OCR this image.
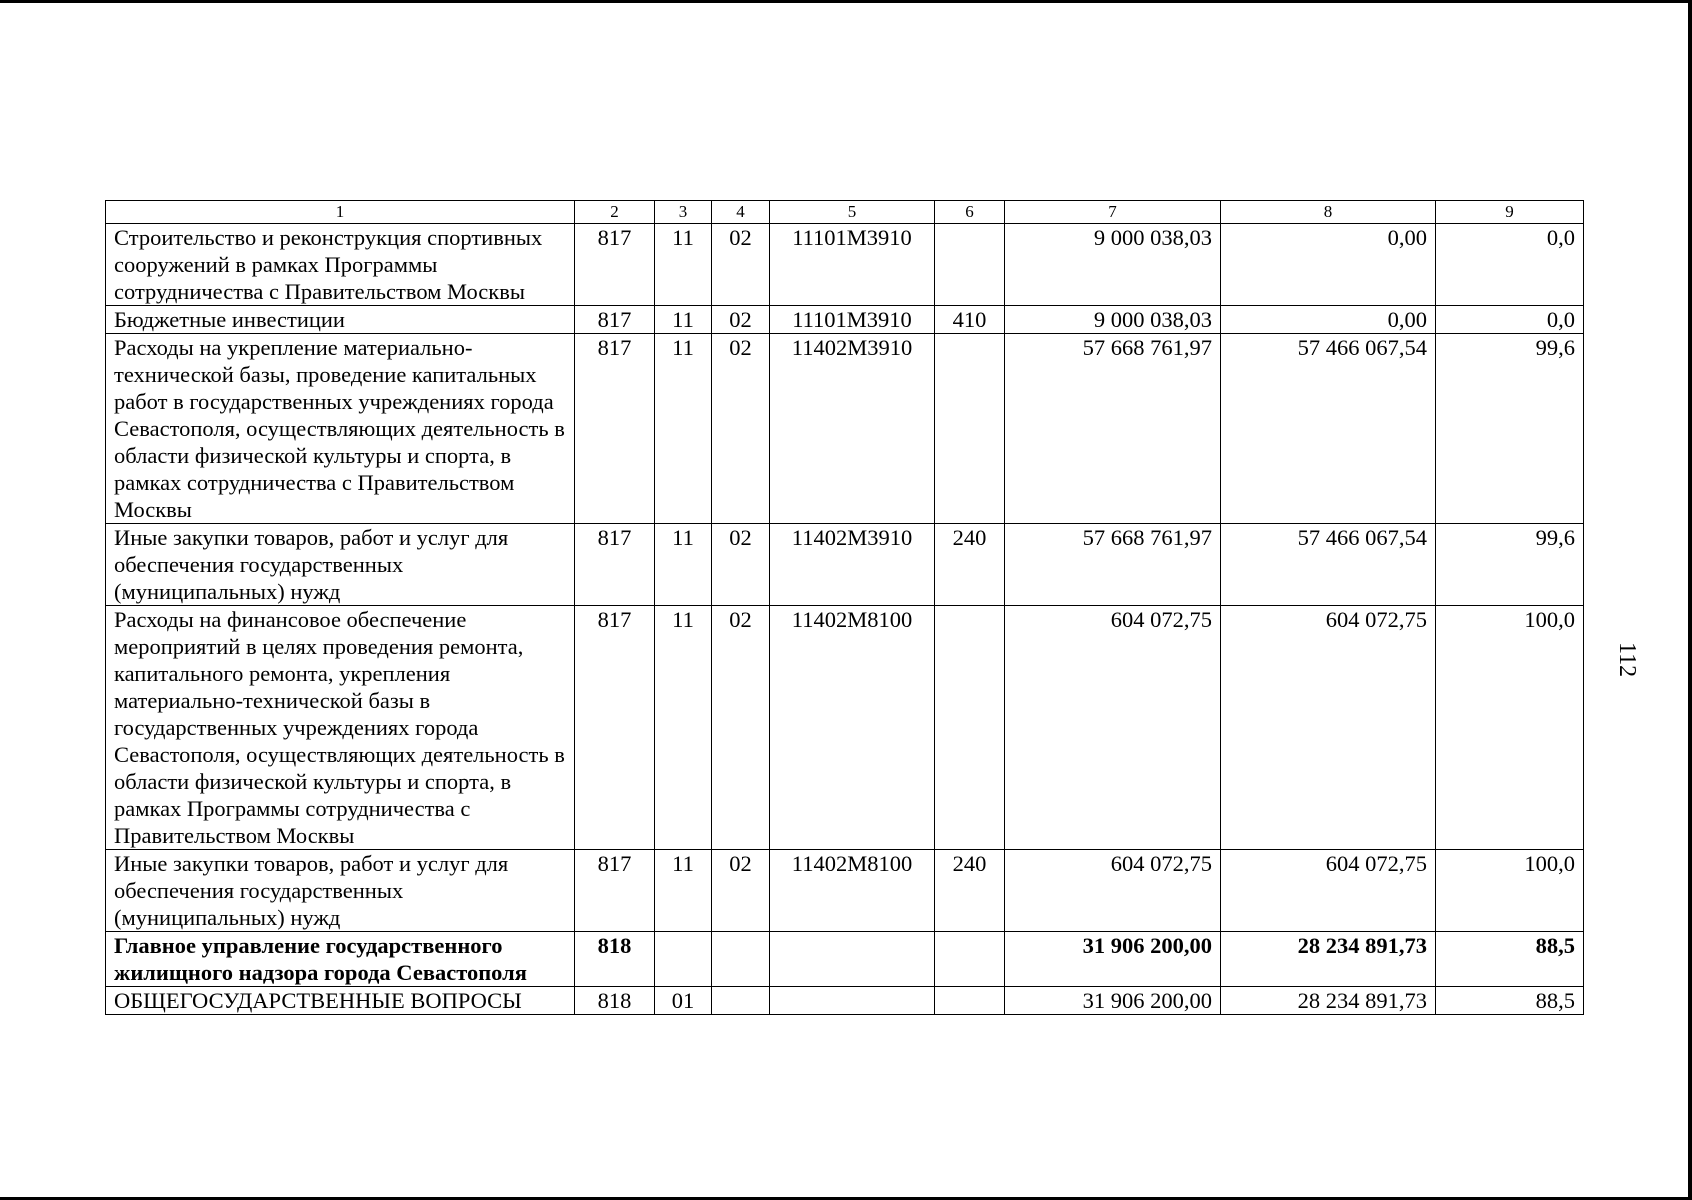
1	2	3	4	5	6	7	8	9
Строительство и реконструкция спортивных сооружений в рамках Программы сотрудничества с Правительством Москвы	817	11	02	11101М3910		9 000 038,03	0,00	0,0
Бюджетные инвестиции	817	11	02	11101М3910	410	9 000 038,03	0,00	0,0
Расходы на укрепление материально-технической базы, проведение капитальных работ в государственных учреждениях города Севастополя, осуществляющих деятельность в области физической культуры и спорта, в рамках сотрудничества с Правительством Москвы	817	11	02	11402М3910		57 668 761,97	57 466 067,54	99,6
Иные закупки товаров, работ и услуг для обеспечения государственных (муниципальных) нужд	817	11	02	11402М3910	240	57 668 761,97	57 466 067,54	99,6
Расходы на финансовое обеспечение мероприятий в целях проведения ремонта, капитального ремонта, укрепления материально-технической базы в государственных учреждениях города Севастополя, осуществляющих деятельность в области физической культуры и спорта, в рамках Программы сотрудничества с Правительством Москвы	817	11	02	11402М8100		604 072,75	604 072,75	100,0
Иные закупки товаров, работ и услуг для обеспечения государственных (муниципальных) нужд	817	11	02	11402М8100	240	604 072,75	604 072,75	100,0
Главное управление государственного жилищного надзора города Севастополя	818					31 906 200,00	28 234 891,73	88,5
ОБЩЕГОСУДАРСТВЕННЫЕ ВОПРОСЫ	818	01				31 906 200,00	28 234 891,73	88,5
112
